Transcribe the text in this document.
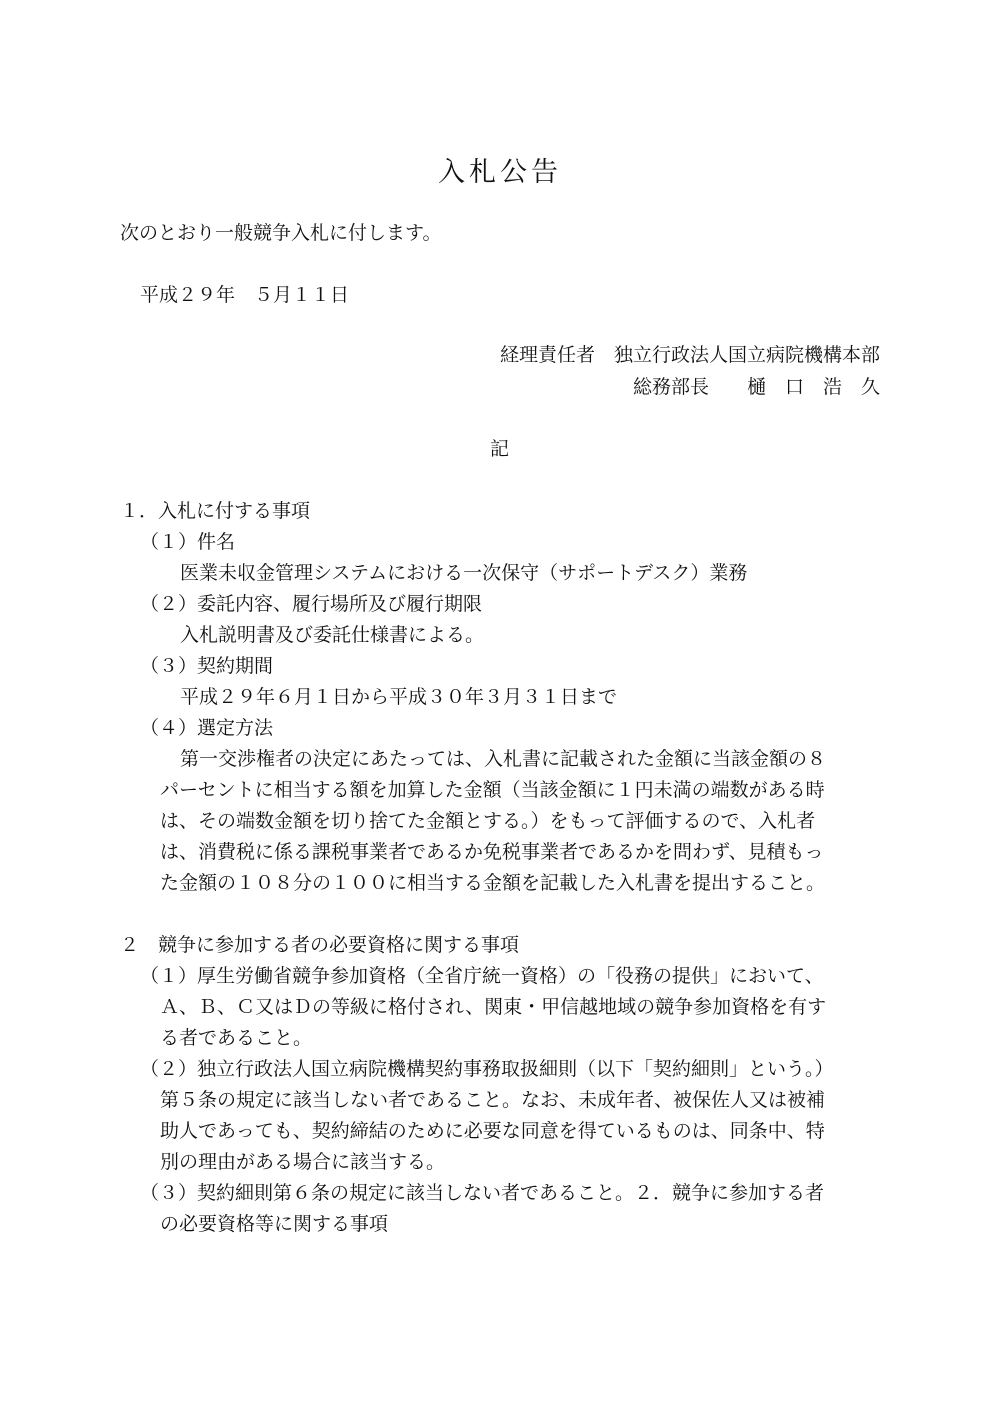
入札公告
次のとおり一般競争入札に付します。
平成２９年　５月１１日
経理責任者　独立行政法人国立病院機構本部
総務部長　　樋　口　浩　久
記
１．入札に付する事項
（１）件名
医業未収金管理システムにおける一次保守（サポートデスク）業務
（２）委託内容、履行場所及び履行期限
入札説明書及び委託仕様書による。
（３）契約期間
平成２９年６月１日から平成３０年３月３１日まで
（４）選定方法
第一交渉権者の決定にあたっては、入札書に記載された金額に当該金額の８
パーセントに相当する額を加算した金額（当該金額に１円未満の端数がある時
は、その端数金額を切り捨てた金額とする。）をもって評価するので、入札者
は、消費税に係る課税事業者であるか免税事業者であるかを問わず、見積もっ
た金額の１０８分の１００に相当する金額を記載した入札書を提出すること。
２　競争に参加する者の必要資格に関する事項
（１）厚生労働省競争参加資格（全省庁統一資格）の「役務の提供」において、
Ａ、Ｂ、Ｃ又はＤの等級に格付され、関東・甲信越地域の競争参加資格を有す
る者であること。
（２）独立行政法人国立病院機構契約事務取扱細則（以下「契約細則」という。）
第５条の規定に該当しない者であること。なお、未成年者、被保佐人又は被補
助人であっても、契約締結のために必要な同意を得ているものは、同条中、特
別の理由がある場合に該当する。
（３）契約細則第６条の規定に該当しない者であること。２．競争に参加する者
の必要資格等に関する事項
